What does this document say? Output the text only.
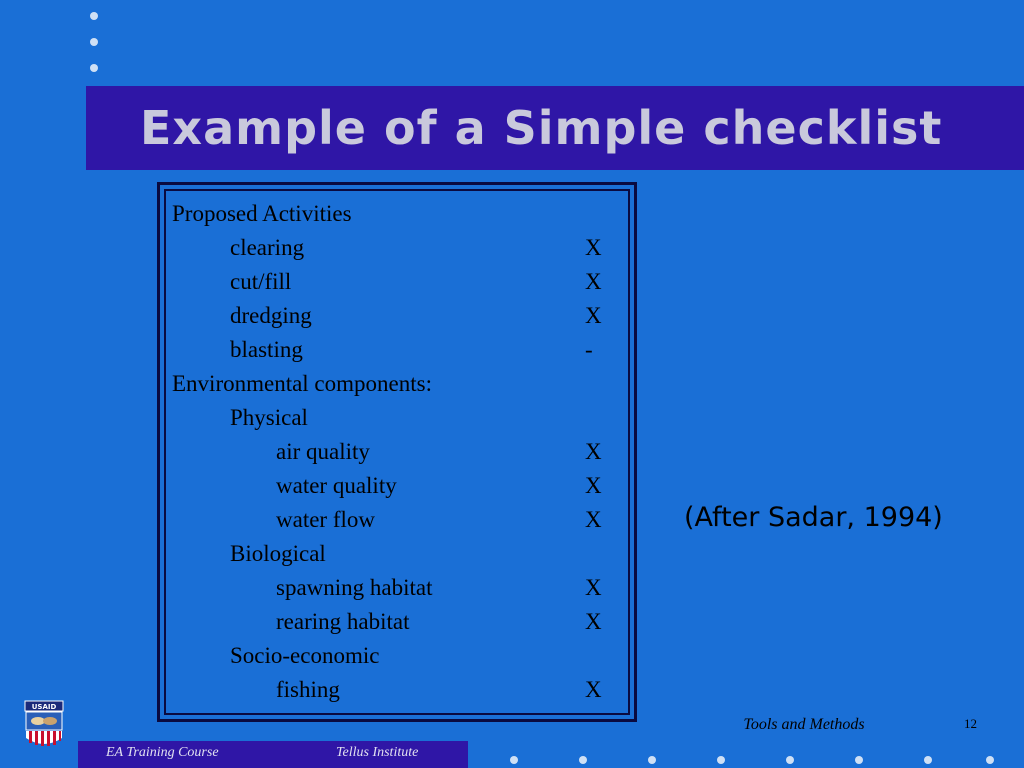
Example of a Simple checklist
Proposed Activities
clearing	X
cut/fill	X
dredging	X
blasting	-
Environmental components:
Physical
air quality	X
water quality	X
water flow	X
Biological
spawning habitat	X
rearing habitat	X
Socio-economic
fishing	X
(After Sadar, 1994)
Tools and Methods	12
EA Training Course	Tellus Institute
USAID
